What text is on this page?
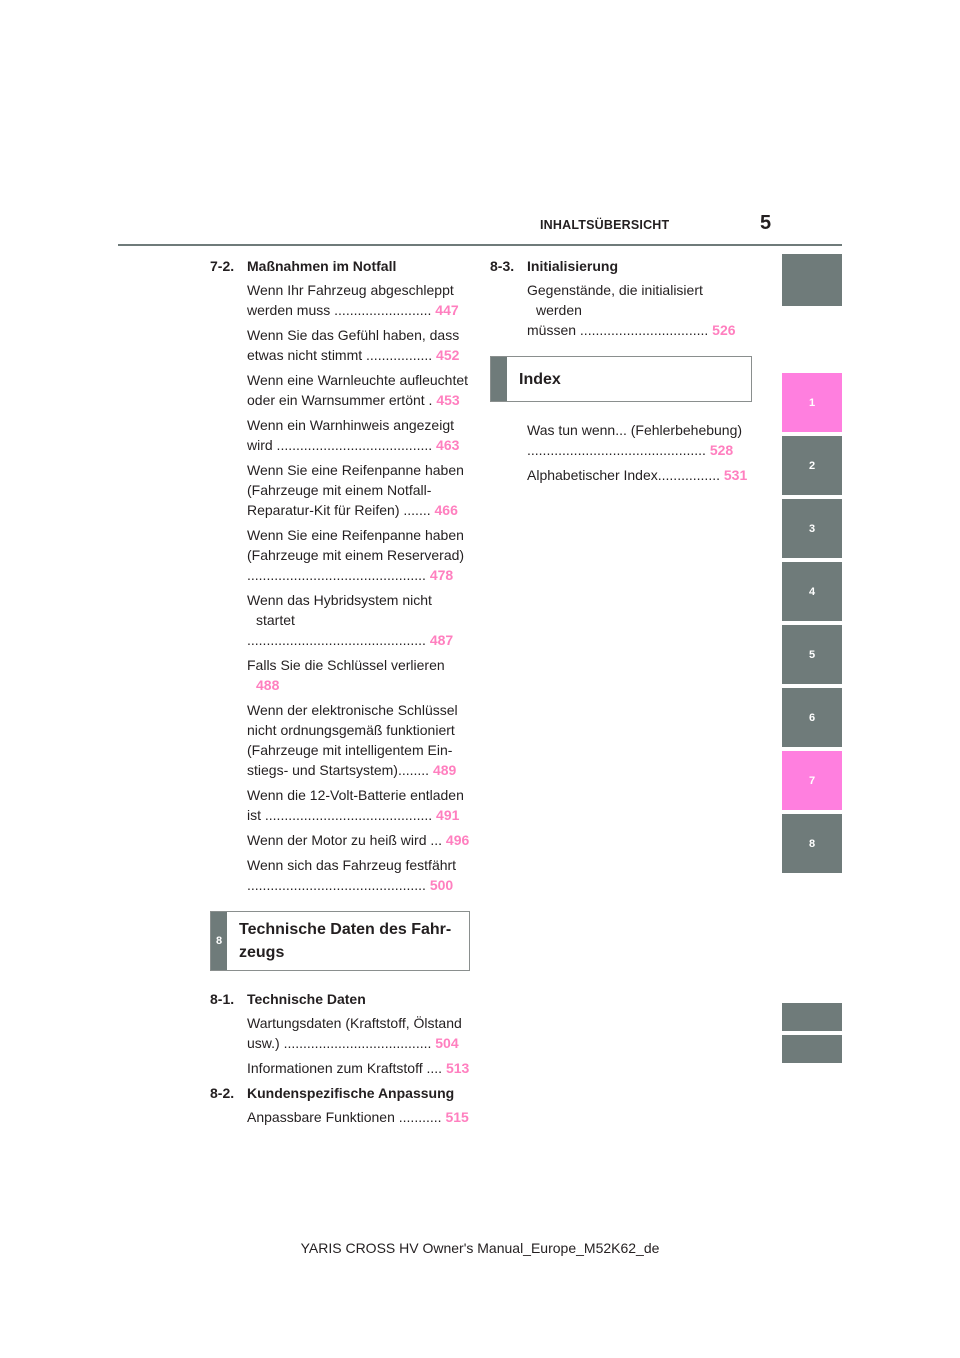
INHALTSÜBERSICHT	5
7-2. Maßnahmen im Notfall
Wenn Ihr Fahrzeug abgeschleppt
werden muss ......................... 447
Wenn Sie das Gefühl haben, dass
etwas nicht stimmt ................. 452
Wenn eine Warnleuchte aufleuchtet
oder ein Warnsummer ertönt . 453
Wenn ein Warnhinweis angezeigt
wird ........................................ 463
Wenn Sie eine Reifenpanne haben
(Fahrzeuge mit einem Notfall-
Reparatur-Kit für Reifen) ....... 466
Wenn Sie eine Reifenpanne haben
(Fahrzeuge mit einem Reserverad)
.............................................. 478
Wenn das Hybridsystem nicht startet
.............................................. 487
Falls Sie die Schlüssel verlieren 488
Wenn der elektronische Schlüssel
nicht ordnungsgemäß funktioniert
(Fahrzeuge mit intelligentem Ein-
stiegs- und Startsystem)........ 489
Wenn die 12-Volt-Batterie entladen
ist ........................................... 491
Wenn der Motor zu heiß wird ... 496
Wenn sich das Fahrzeug festfährt
.............................................. 500
8
Technische Daten des Fahr-zeugs
8-1. Technische Daten
Wartungsdaten (Kraftstoff, Ölstand
usw.) ...................................... 504
Informationen zum Kraftstoff .... 513
8-2. Kundenspezifische Anpassung
Anpassbare Funktionen ........... 515
8-3. Initialisierung
Gegenstände, die initialisiert werden
müssen ................................. 526
Index
Was tun wenn... (Fehlerbehebung)
.............................................. 528
Alphabetischer Index................ 531
1
2
3
4
5
6
7
8
YARIS CROSS HV Owner's Manual_Europe_M52K62_de
